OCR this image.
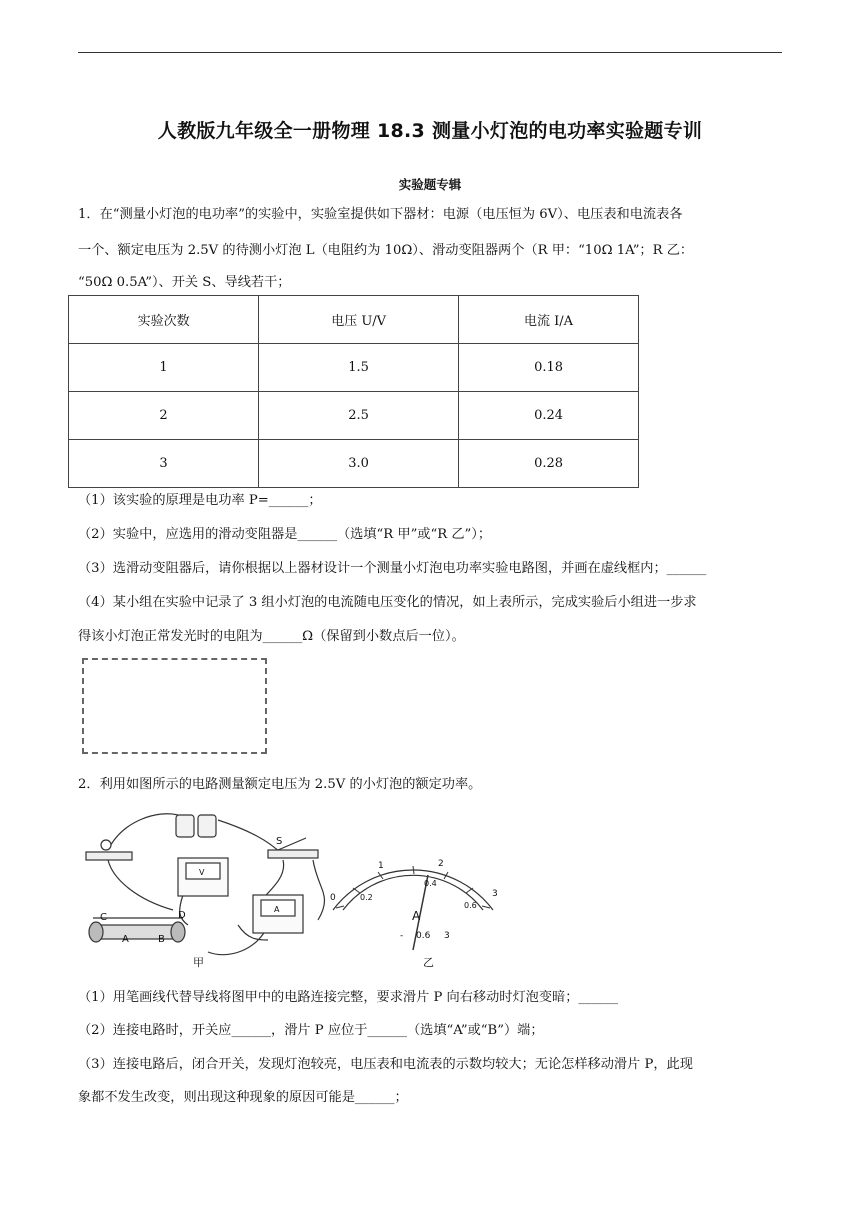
人教版九年级全一册物理 18.3 测量小灯泡的电功率实验题专训
实验题专辑
1．在“测量小灯泡的电功率”的实验中，实验室提供如下器材：电源（电压恒为 6V）、电压表和电流表各
一个、额定电压为 2.5V 的待测小灯泡 L（电阻约为 10Ω）、滑动变阻器两个（R 甲：“10Ω 1A”；R 乙：
“50Ω 0.5A”）、开关 S、导线若干；
实验次数	电压 U/V	电流 I/A
1	1.5	0.18
2	2.5	0.24
3	3.0	0.28
（1）该实验的原理是电功率 P=______；
（2）实验中，应选用的滑动变阻器是______（选填“R 甲”或“R 乙”）；
（3）选滑动变阻器后，请你根据以上器材设计一个测量小灯泡电功率实验电路图，并画在虚线框内；______
（4）某小组在实验中记录了 3 组小灯泡的电流随电压变化的情况，如上表所示，完成实验后小组进一步求
得该小灯泡正常发光时的电阻为______Ω（保留到小数点后一位）。
2．利用如图所示的电路测量额定电压为 2.5V 的小灯泡的额定功率。
C	D
A	B
S
V
A
0
1	2
3
0.2
0.4
0.6
A
- 0.6 3
甲	乙
（1）用笔画线代替导线将图甲中的电路连接完整，要求滑片 P 向右移动时灯泡变暗；______
（2）连接电路时，开关应______，滑片 P 应位于______（选填“A”或“B”）端；
（3）连接电路后，闭合开关，发现灯泡较亮，电压表和电流表的示数均较大；无论怎样移动滑片 P，此现
象都不发生改变，则出现这种现象的原因可能是______；
